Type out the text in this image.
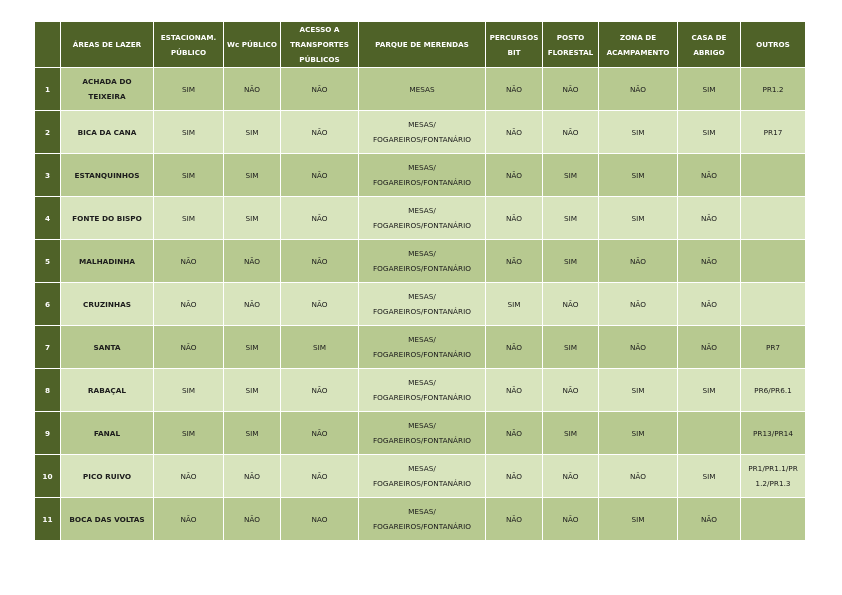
	ÁREAS DE LAZER	ESTACIONAM. PÚBLICO	Wc PÚBLICO	ACESSO A TRANSPORTES PÚBLICOS	PARQUE DE MERENDAS	PERCURSOS BIT	POSTO FLORESTAL	ZONA DE ACAMPAMENTO	CASA DE ABRIGO	OUTROS

1	ACHADA DO TEIXEIRA	SIM	NÃO	NÃO	MESAS	NÃO	NÃO	NÃO	SIM	PR1.2

2	BICA DA CANA	SIM	SIM	NÃO	MESAS/ FOGAREIROS/FONTANÁRIO	NÃO	NÃO	SIM	SIM	PR17

3	ESTANQUINHOS	SIM	SIM	NÃO	MESAS/ FOGAREIROS/FONTANÁRIO	NÃO	SIM	SIM	NÃO	

4	FONTE DO BISPO	SIM	SIM	NÃO	MESAS/ FOGAREIROS/FONTANÁRIO	NÃO	SIM	SIM	NÃO	

5	MALHADINHA	NÃO	NÃO	NÃO	MESAS/ FOGAREIROS/FONTANÁRIO	NÃO	SIM	NÃO	NÃO	

6	CRUZINHAS	NÃO	NÃO	NÃO	MESAS/ FOGAREIROS/FONTANÁRIO	SIM	NÃO	NÃO	NÃO	

7	SANTA	NÃO	SIM	SIM	MESAS/ FOGAREIROS/FONTANÁRIO	NÃO	SIM	NÃO	NÃO	PR7

8	RABAÇAL	SIM	SIM	NÃO	MESAS/ FOGAREIROS/FONTANÁRIO	NÃO	NÃO	SIM	SIM	PR6/PR6.1

9	FANAL	SIM	SIM	NÃO	MESAS/ FOGAREIROS/FONTANÁRIO	NÃO	SIM	SIM		PR13/PR14

10	PICO RUIVO	NÃO	NÃO	NÃO	MESAS/ FOGAREIROS/FONTANÁRIO	NÃO	NÃO	NÃO	SIM	PR1/PR1.1/PR 1.2/PR1.3

11	BOCA DAS VOLTAS	NÃO	NÃO	NAO	MESAS/ FOGAREIROS/FONTANÁRIO	NÃO	NÃO	SIM	NÃO	
